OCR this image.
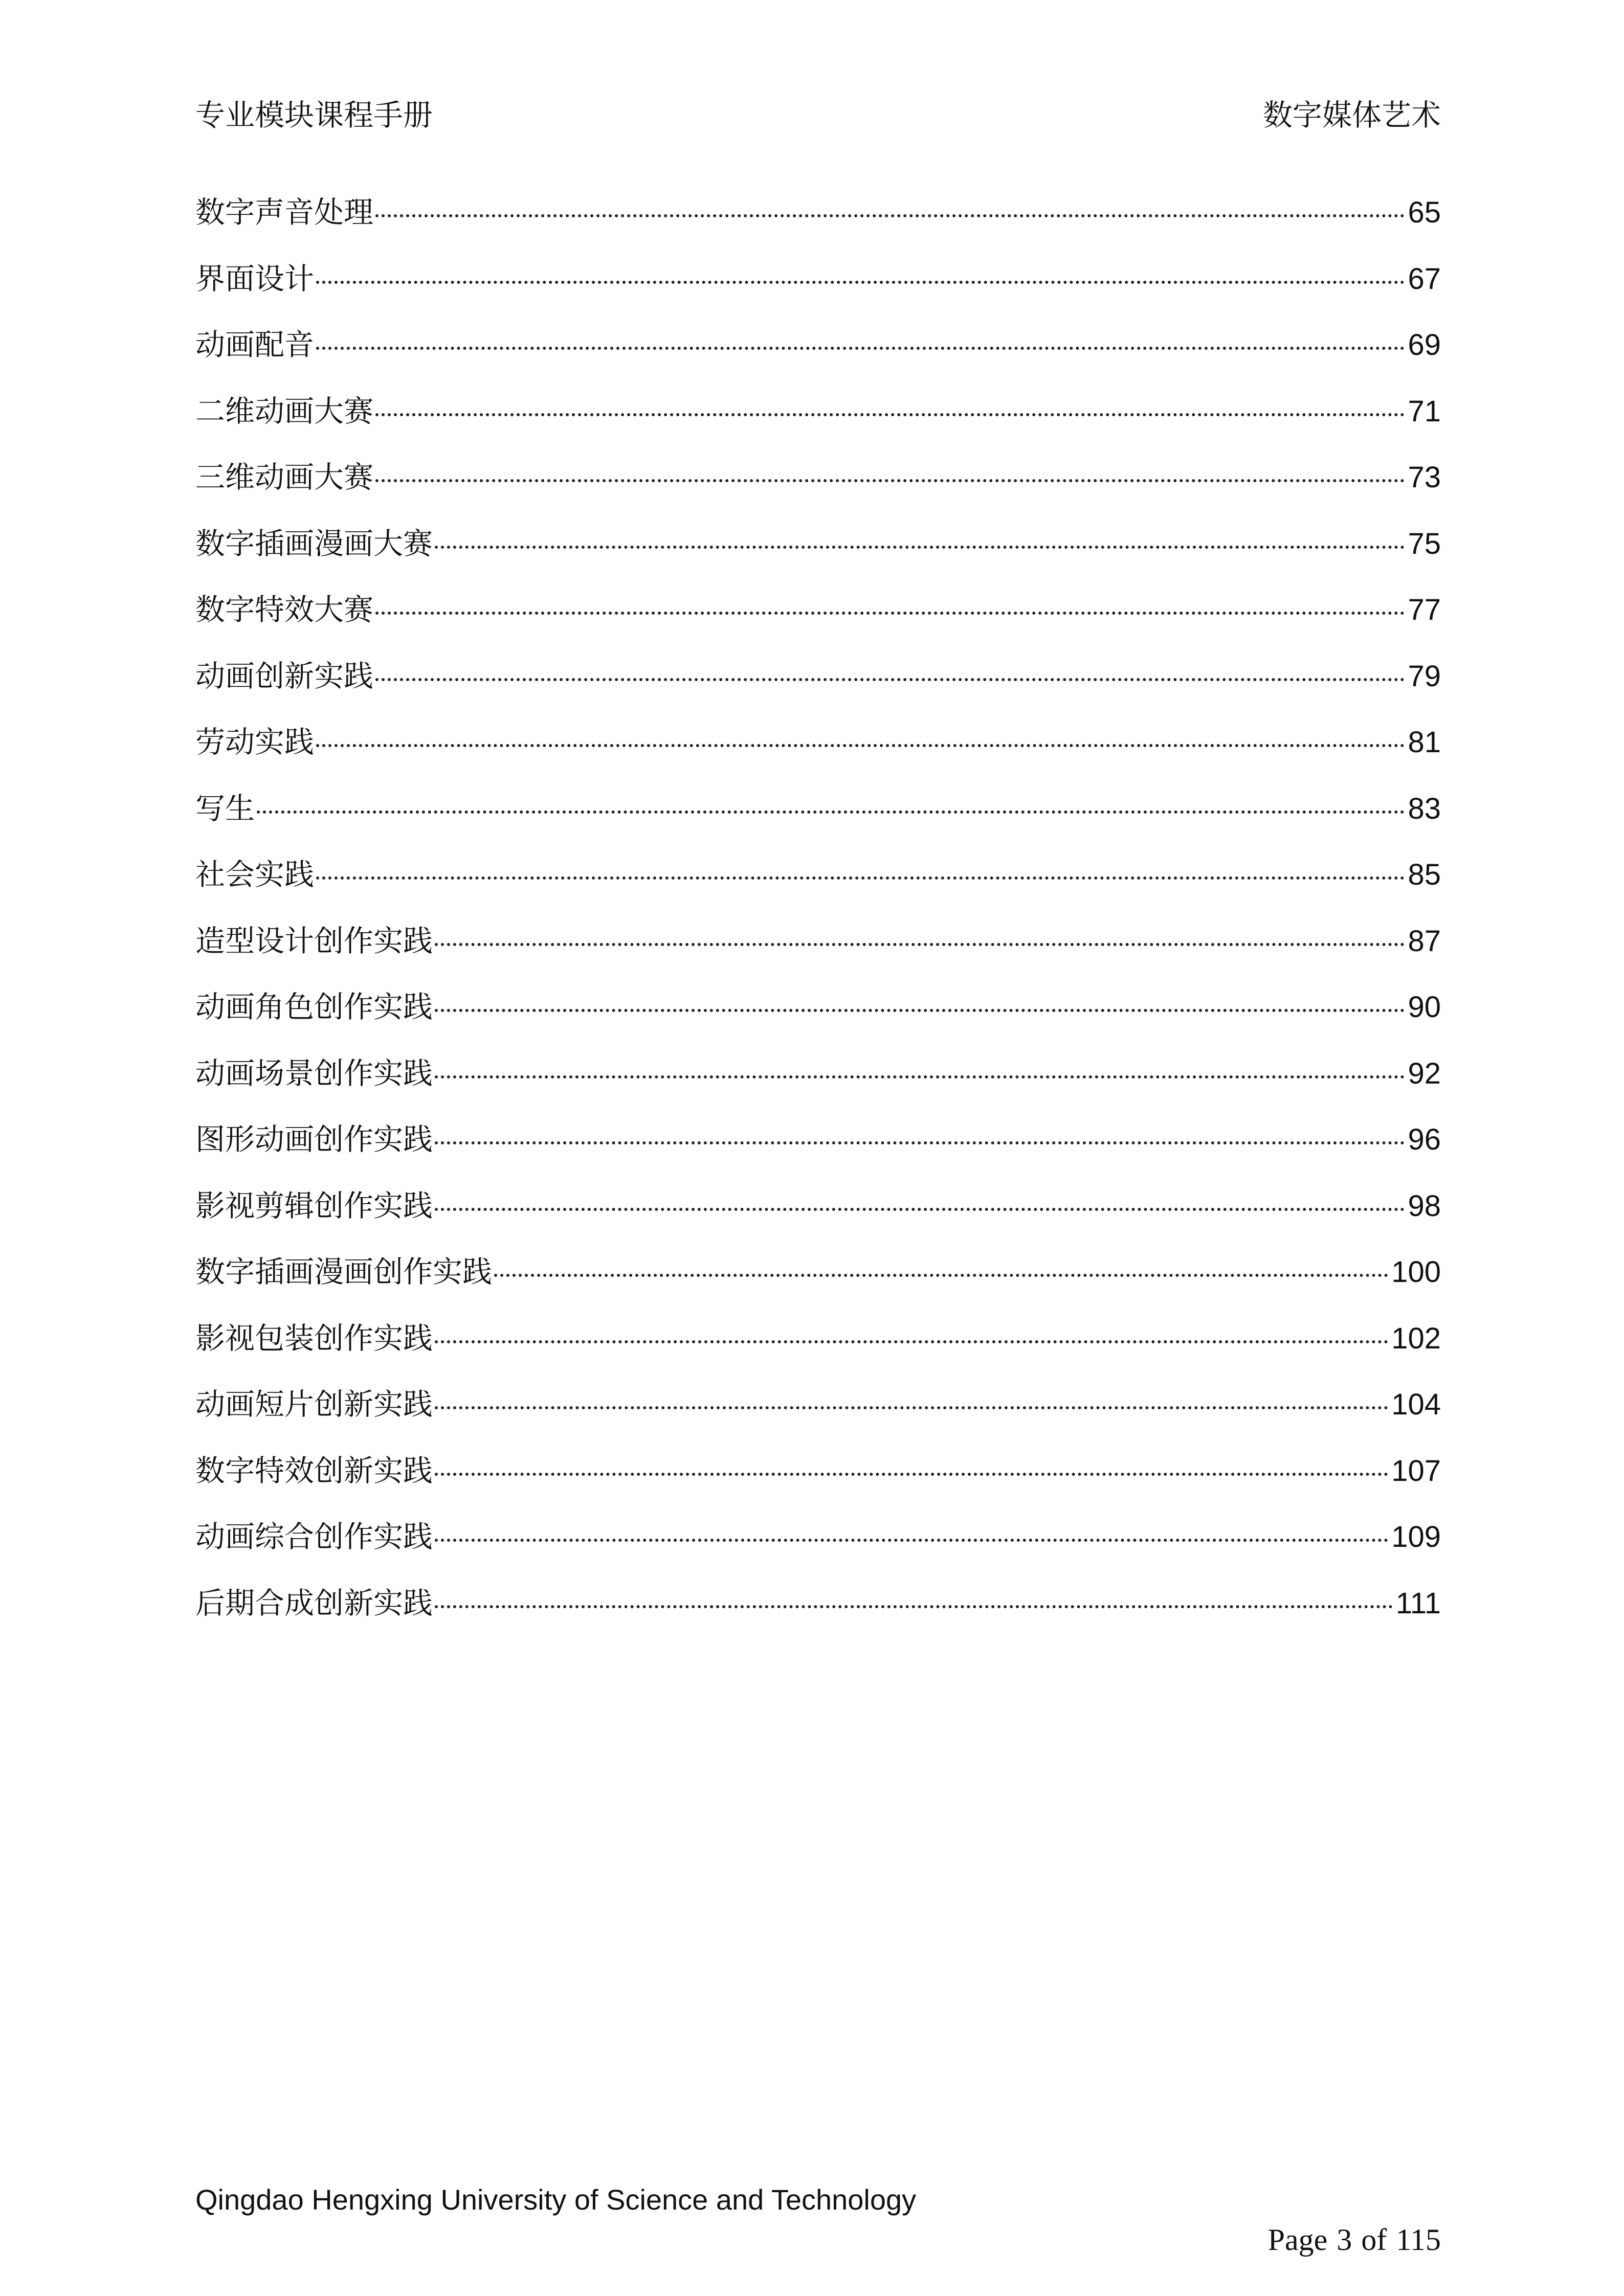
专业模块课程手册	数字媒体艺术
数字声音处理	65
界面设计	67
动画配音	69
二维动画大赛	71
三维动画大赛	73
数字插画漫画大赛	75
数字特效大赛	77
动画创新实践	79
劳动实践	81
写生	83
社会实践	85
造型设计创作实践	87
动画角色创作实践	90
动画场景创作实践	92
图形动画创作实践	96
影视剪辑创作实践	98
数字插画漫画创作实践	100
影视包装创作实践	102
动画短片创新实践	104
数字特效创新实践	107
动画综合创作实践	109
后期合成创新实践	111
Qingdao Hengxing University of Science and Technology
Page 3 of 115
